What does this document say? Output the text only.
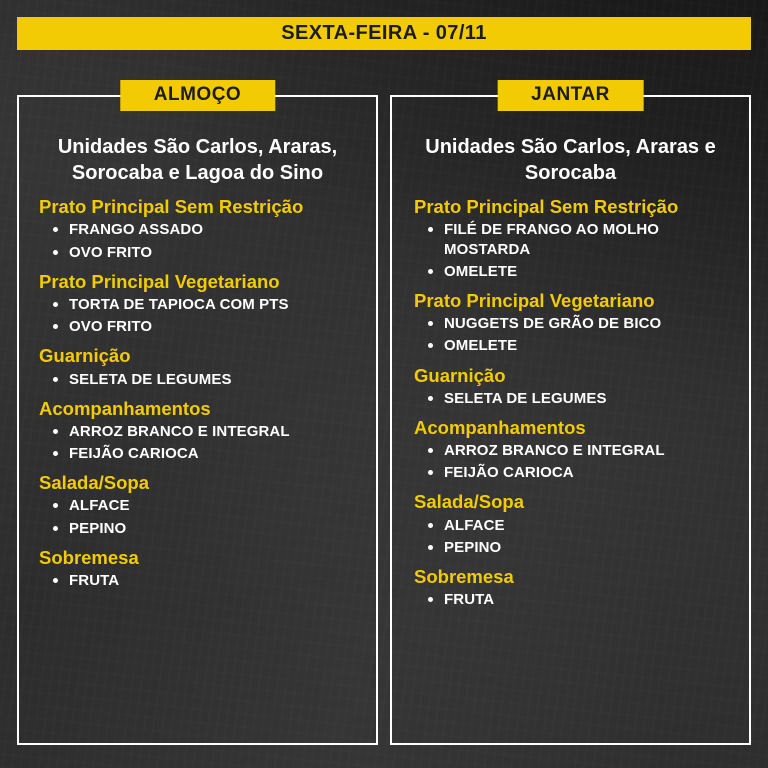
SEXTA-FEIRA - 07/11
ALMOÇO
Unidades São Carlos, Araras, Sorocaba e Lagoa do Sino
Prato Principal Sem Restrição
FRANGO ASSADO
OVO FRITO
Prato Principal Vegetariano
TORTA DE TAPIOCA COM PTS
OVO FRITO
Guarnição
SELETA DE LEGUMES
Acompanhamentos
ARROZ BRANCO E INTEGRAL
FEIJÃO CARIOCA
Salada/Sopa
ALFACE
PEPINO
Sobremesa
FRUTA
JANTAR
Unidades São Carlos, Araras e Sorocaba
Prato Principal Sem Restrição
FILÉ DE FRANGO AO MOLHO MOSTARDA
OMELETE
Prato Principal Vegetariano
NUGGETS DE GRÃO DE BICO
OMELETE
Guarnição
SELETA DE LEGUMES
Acompanhamentos
ARROZ BRANCO E INTEGRAL
FEIJÃO CARIOCA
Salada/Sopa
ALFACE
PEPINO
Sobremesa
FRUTA
